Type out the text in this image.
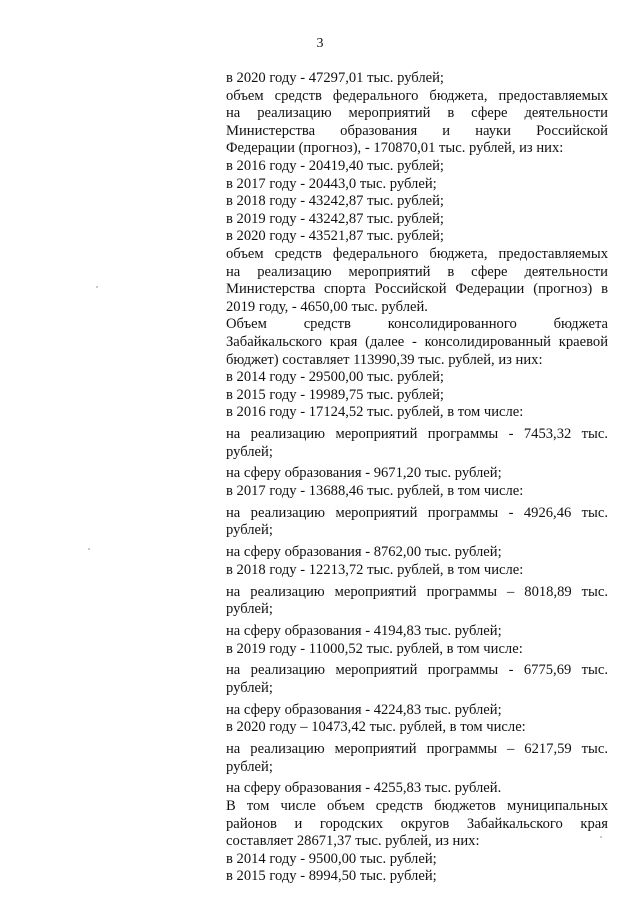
3
в 2020 году - 47297,01 тыс. рублей;
объем средств федерального бюджета, предоставляемых
на реализацию мероприятий в сфере деятельности
Министерства образования и науки Российской
Федерации (прогноз), - 170870,01 тыс. рублей, из них:
в 2016 году - 20419,40 тыс. рублей;
в 2017 году - 20443,0 тыс. рублей;
в 2018 году - 43242,87 тыс. рублей;
в 2019 году - 43242,87 тыс. рублей;
в 2020 году - 43521,87 тыс. рублей;
объем средств федерального бюджета, предоставляемых
на реализацию мероприятий в сфере деятельности
Министерства спорта Российской Федерации (прогноз) в
2019 году, - 4650,00 тыс. рублей.
Объем средств консолидированного бюджета
Забайкальского края (далее - консолидированный краевой
бюджет) составляет 113990,39 тыс. рублей, из них:
в 2014 году - 29500,00 тыс. рублей;
в 2015 году - 19989,75 тыс. рублей;
в 2016 году - 17124,52 тыс. рублей, в том числе:
на реализацию мероприятий программы - 7453,32 тыс.
рублей;
на сферу образования - 9671,20 тыс. рублей;
в 2017 году - 13688,46 тыс. рублей, в том числе:
на реализацию мероприятий программы - 4926,46 тыс.
рублей;
на сферу образования - 8762,00 тыс. рублей;
в 2018 году - 12213,72 тыс. рублей, в том числе:
на реализацию мероприятий программы – 8018,89 тыс.
рублей;
на сферу образования - 4194,83 тыс. рублей;
в 2019 году - 11000,52 тыс. рублей, в том числе:
на реализацию мероприятий программы - 6775,69 тыс.
рублей;
на сферу образования - 4224,83 тыс. рублей;
в 2020 году – 10473,42 тыс. рублей, в том числе:
на реализацию мероприятий программы – 6217,59 тыс.
рублей;
на сферу образования - 4255,83 тыс. рублей.
В том числе объем средств бюджетов муниципальных
районов и городских округов Забайкальского края
составляет 28671,37 тыс. рублей, из них:
в 2014 году - 9500,00 тыс. рублей;
в 2015 году - 8994,50 тыс. рублей;
